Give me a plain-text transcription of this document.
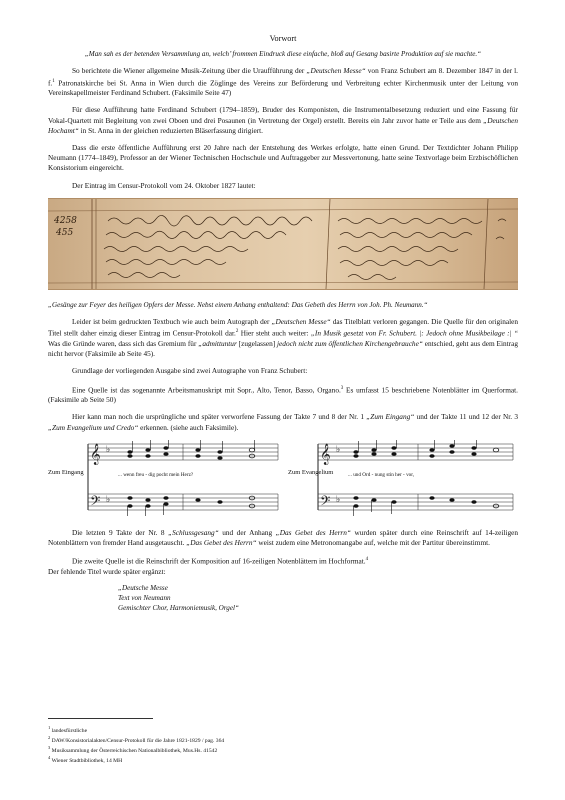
Vorwort
„Man sah es der betenden Versammlung an, welch’ frommen Eindruck diese einfache, bloß auf Gesang basirte Produktion auf sie machte.“

So berichtete die Wiener allgemeine Musik-Zeitung über die Uraufführung der „Deutschen Messe“ von Franz Schubert am 8. Dezember 1847 in der l. f.$^1$ Patronatskirche bei St. Anna in Wien durch die Zöglinge des Vereins zur Beförderung und Verbreitung echter Kirchenmusik unter der Leitung von Vereinskapellmeister Ferdinand Schubert. (Faksimile Seite 47)

Für diese Aufführung hatte Ferdinand Schubert (1794–1859), Bruder des Komponisten, die Instrumentalbesetzung reduziert und eine Fassung für Vokal-Quartett mit Begleitung von zwei Oboen und drei Posaunen (in Vertretung der Orgel) erstellt. Bereits ein Jahr zuvor hatte er Teile aus dem „Deutschen Hochamt“ in St. Anna in der gleichen reduzierten Bläserfassung dirigiert.

Dass die erste öffentliche Aufführung erst 20 Jahre nach der Entstehung des Werkes erfolgte, hatte einen Grund. Der Textdichter Johann Philipp Neumann (1774–1849), Professor an der Wiener Technischen Hochschule und Auftraggeber zur Messvertonung, hatte seine Textvorlage beim Erzbischöflichen Konsistorium eingereicht.

Der Eintrag im Censur-Protokoll vom 24. Oktober 1827 lautet:

4258
455
„Gesänge zur Feyer des heiligen Opfers der Messe. Nebst einem Anhang enthaltend: Das Gebeth des Herrn von Joh. Ph. Neumann.“

Leider ist beim gedruckten Textbuch wie auch beim Autograph der „Deutschen Messe“ das Titelblatt verloren gegangen. Die Quelle für den originalen Titel stellt daher einzig dieser Eintrag im Censur-Protokoll dar.$^2$ Hier steht auch weiter: „In Musik gesetzt von Fr. Schubert. |: Jedoch ohne Musikbeilage :| “ Was die Gründe waren, dass sich das Gremium für „admittuntur [zugelassen] jedoch nicht zum öffentlichen Kirchengebrauche“ entschied, geht aus dem Eintrag nicht hervor (Faksimile ab Seite 45).

Grundlage der vorliegenden Ausgabe sind zwei Autographe von Franz Schubert:

Eine Quelle ist das sogenannte Arbeitsmanuskript mit Sopr., Alto, Tenor, Basso, Organo.$^3$ Es umfasst 15 beschriebene Notenblätter im Querformat. (Faksimile ab Seite 50)

Hier kann man noch die ursprüngliche und später verworfene Fassung der Takte 7 und 8 der Nr. 1 „Zum Eingang“ und der Takte 11 und 12 der Nr. 3 „Zum Evangelium und Credo“ erkennen. (siehe auch Faksimile).

𝄞
𝄢
♭
♭
𝄞
𝄢
♭
♭
Zum Eingang	... wenn freu - dig pocht mein Herz?	Zum Evangelium	... und Ord - nung stin her - vor,

Die letzten 9 Takte der Nr. 8 „Schlussgesang“ und der Anhang „Das Gebet des Herrn“ wurden später durch eine Reinschrift auf 14-zeiligen Notenblättern von fremder Hand ausgetauscht. „Das Gebet des Herrn“ weist zudem eine Metronomangabe auf, welche mit der Partitur übereinstimmt.

Die zweite Quelle ist die Reinschrift der Komposition auf 16-zeiligen Notenblättern im Hochformat.$^4$
Der fehlende Titel wurde später ergänzt:

„Deutsche Messe
Text von Neumann
Gemischter Chor, Harmoniemusik, Orgel“
$^1$ landesfürstliche
$^2$ DAW/Konsistorialakten/Censur-Protokoll für die Jahre 1821-1829 / pag. 364
$^3$ Musiksammlung der Österreichischen Nationalbibliothek, Mus.Hs. 41542
$^4$ Wiener Stadtbibliothek, 14 MH
